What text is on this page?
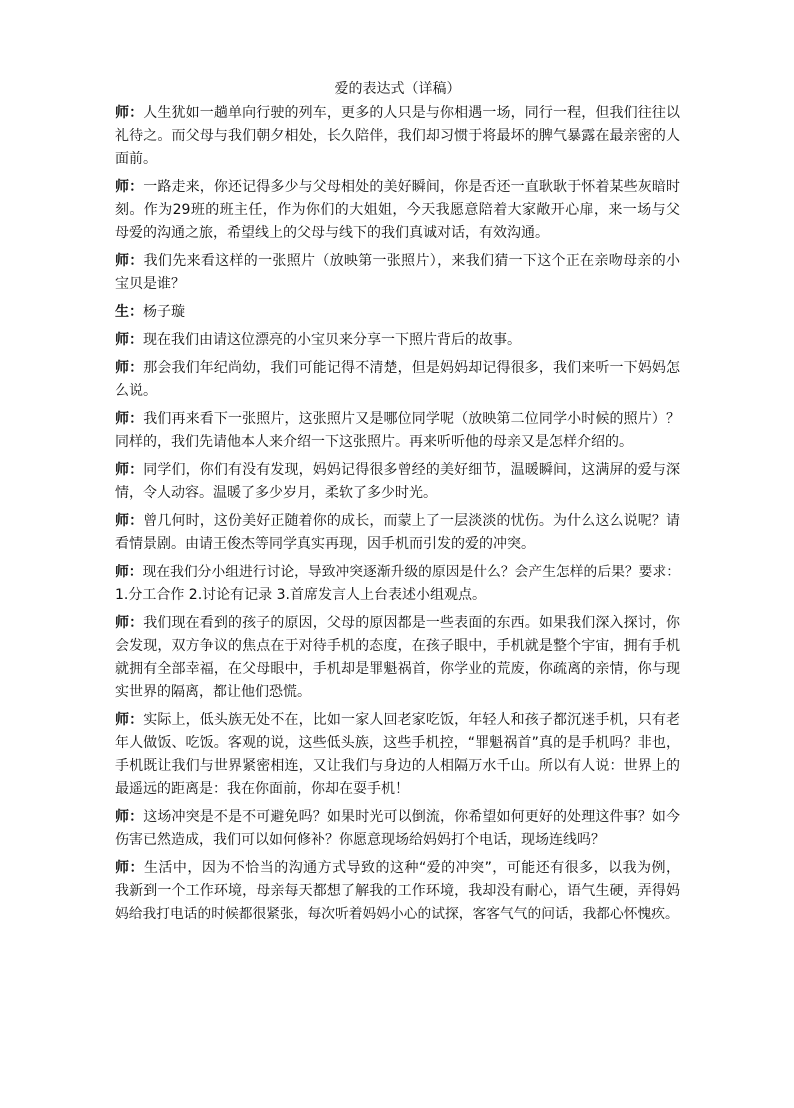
爱的表达式（详稿）
师：人生犹如一趟单向行驶的列车，更多的人只是与你相遇一场，同行一程，但我们往往以
礼待之。而父母与我们朝夕相处，长久陪伴，我们却习惯于将最坏的脾气暴露在最亲密的人
面前。
师：一路走来，你还记得多少与父母相处的美好瞬间，你是否还一直耿耿于怀着某些灰暗时
刻。作为29班的班主任，作为你们的大姐姐，今天我愿意陪着大家敞开心扉，来一场与父
母爱的沟通之旅，希望线上的父母与线下的我们真诚对话，有效沟通。
师：我们先来看这样的一张照片（放映第一张照片），来我们猜一下这个正在亲吻母亲的小
宝贝是谁？
生：杨子璇
师：现在我们由请这位漂亮的小宝贝来分享一下照片背后的故事。
师：那会我们年纪尚幼，我们可能记得不清楚，但是妈妈却记得很多，我们来听一下妈妈怎
么说。
师：我们再来看下一张照片，这张照片又是哪位同学呢（放映第二位同学小时候的照片）？
同样的，我们先请他本人来介绍一下这张照片。再来听听他的母亲又是怎样介绍的。
师：同学们，你们有没有发现，妈妈记得很多曾经的美好细节，温暖瞬间，这满屏的爱与深
情，令人动容。温暖了多少岁月，柔软了多少时光。
师：曾几何时，这份美好正随着你的成长，而蒙上了一层淡淡的忧伤。为什么这么说呢？请
看情景剧。由请王俊杰等同学真实再现，因手机而引发的爱的冲突。
师：现在我们分小组进行讨论，导致冲突逐渐升级的原因是什么？会产生怎样的后果？要求：
1.分工合作 2.讨论有记录 3.首席发言人上台表述小组观点。
师：我们现在看到的孩子的原因，父母的原因都是一些表面的东西。如果我们深入探讨，你
会发现，双方争议的焦点在于对待手机的态度，在孩子眼中，手机就是整个宇宙，拥有手机
就拥有全部幸福，在父母眼中，手机却是罪魁祸首，你学业的荒废，你疏离的亲情，你与现
实世界的隔离，都让他们恐慌。
师：实际上，低头族无处不在，比如一家人回老家吃饭，年轻人和孩子都沉迷手机，只有老
年人做饭、吃饭。客观的说，这些低头族，这些手机控，“罪魁祸首”真的是手机吗？非也，
手机既让我们与世界紧密相连，又让我们与身边的人相隔万水千山。所以有人说：世界上的
最遥远的距离是：我在你面前，你却在耍手机！
师：这场冲突是不是不可避免吗？如果时光可以倒流，你希望如何更好的处理这件事？如今
伤害已然造成，我们可以如何修补？你愿意现场给妈妈打个电话，现场连线吗？
师：生活中，因为不恰当的沟通方式导致的这种“爱的冲突”，可能还有很多，以我为例，
我新到一个工作环境，母亲每天都想了解我的工作环境，我却没有耐心，语气生硬，弄得妈
妈给我打电话的时候都很紧张，每次听着妈妈小心的试探，客客气气的问话，我都心怀愧疚。
